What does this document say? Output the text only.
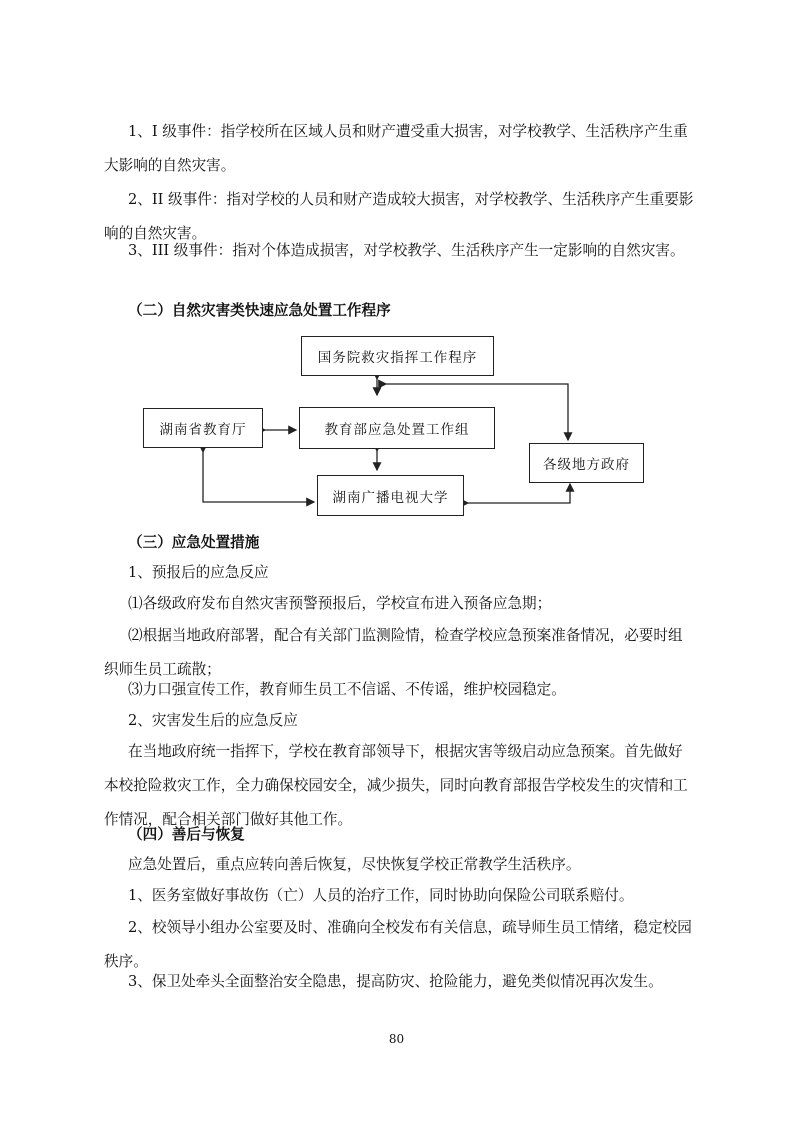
1、I 级事件：指学校所在区域人员和财产遭受重大损害，对学校教学、生活秩序产生重大影响的自然灾害。

2、II 级事件：指对学校的人员和财产造成较大损害，对学校教学、生活秩序产生重要影响的自然灾害。

3、III 级事件：指对个体造成损害，对学校教学、生活秩序产生一定影响的自然灾害。

（二）自然灾害类快速应急处置工作程序

国务院救灾指挥工作程序
湖南省教育厅	教育部应急处置工作组
各级地方政府
湖南广播电视大学

（三）应急处置措施

1、预报后的应急反应

⑴各级政府发布自然灾害预警预报后，学校宣布进入预备应急期；

⑵根据当地政府部署，配合有关部门监测险情，检查学校应急预案准备情况，必要时组织师生员工疏散；

⑶力口强宣传工作，教育师生员工不信谣、不传谣，维护校园稳定。

2、灾害发生后的应急反应

在当地政府统一指挥下，学校在教育部领导下，根据灾害等级启动应急预案。首先做好本校抢险救灾工作，全力确保校园安全，减少损失，同时向教育部报告学校发生的灾情和工作情况，配合相关部门做好其他工作。

（四）善后与恢复

应急处置后，重点应转向善后恢复，尽快恢复学校正常教学生活秩序。

1、医务室做好事故伤（亡）人员的治疗工作，同时协助向保险公司联系赔付。

2、校领导小组办公室要及时、准确向全校发布有关信息，疏导师生员工情绪，稳定校园秩序。

3、保卫处牵头全面整治安全隐患，提高防灾、抢险能力，避免类似情况再次发生。

80
